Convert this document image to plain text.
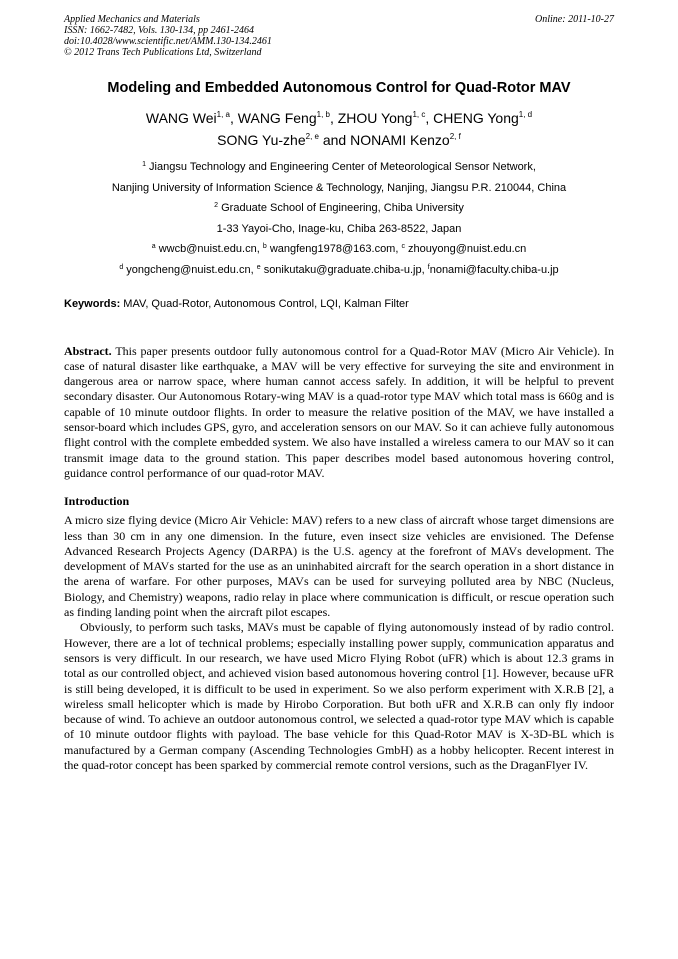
Applied Mechanics and Materials
ISSN: 1662-7482, Vols. 130-134, pp 2461-2464
doi:10.4028/www.scientific.net/AMM.130-134.2461
© 2012 Trans Tech Publications Ltd, Switzerland
Online: 2011-10-27
Modeling and Embedded Autonomous Control for Quad-Rotor MAV
WANG Wei$^{1, a}$, WANG Feng$^{1, b}$, ZHOU Yong$^{1, c}$, CHENG Yong$^{1, d}$
SONG Yu-zhe$^{2, e}$ and NONAMI Kenzo$^{2, f}$
$^1$ Jiangsu Technology and Engineering Center of Meteorological Sensor Network,
Nanjing University of Information Science & Technology, Nanjing, Jiangsu P.R. 210044, China
$^2$ Graduate School of Engineering, Chiba University
1-33 Yayoi-Cho, Inage-ku, Chiba 263-8522, Japan
$^a$ wwcb@nuist.edu.cn, $^b$ wangfeng1978@163.com, $^c$ zhouyong@nuist.edu.cn
$^d$ yongcheng@nuist.edu.cn, $^e$ sonikutaku@graduate.chiba-u.jp, $^f$nonami@faculty.chiba-u.jp
Keywords: MAV, Quad-Rotor, Autonomous Control, LQI, Kalman Filter
Abstract. This paper presents outdoor fully autonomous control for a Quad-Rotor MAV (Micro Air Vehicle). In case of natural disaster like earthquake, a MAV will be very effective for surveying the site and environment in dangerous area or narrow space, where human cannot access safely. In addition, it will be helpful to prevent secondary disaster. Our Autonomous Rotary-wing MAV is a quad-rotor type MAV which total mass is 660g and is capable of 10 minute outdoor flights. In order to measure the relative position of the MAV, we have installed a sensor-board which includes GPS, gyro, and acceleration sensors on our MAV. So it can achieve fully autonomous flight control with the complete embedded system. We also have installed a wireless camera to our MAV so it can transmit image data to the ground station. This paper describes model based autonomous hovering control, guidance control performance of our quad-rotor MAV.
Introduction

A micro size flying device (Micro Air Vehicle: MAV) refers to a new class of aircraft whose target dimensions are less than 30 cm in any one dimension. In the future, even insect size vehicles are envisioned. The Defense Advanced Research Projects Agency (DARPA) is the U.S. agency at the forefront of MAVs development. The development of MAVs started for the use as an uninhabited aircraft for the search operation in a short distance in the arena of warfare. For other purposes, MAVs can be used for surveying polluted area by NBC (Nucleus, Biology, and Chemistry) weapons, radio relay in place where communication is difficult, or rescue operation such as finding landing point when the aircraft pilot escapes.

Obviously, to perform such tasks, MAVs must be capable of flying autonomously instead of by radio control. However, there are a lot of technical problems; especially installing power supply, communication apparatus and sensors is very difficult. In our research, we have used Micro Flying Robot (uFR) which is about 12.3 grams in total as our controlled object, and achieved vision based autonomous hovering control [1]. However, because uFR is still being developed, it is difficult to be used in experiment. So we also perform experiment with X.R.B [2], a wireless small helicopter which is made by Hirobo Corporation. But both uFR and X.R.B can only fly indoor because of wind. To achieve an outdoor autonomous control, we selected a quad-rotor type MAV which is capable of 10 minute outdoor flights with payload. The base vehicle for this Quad-Rotor MAV is X-3D-BL which is manufactured by a German company (Ascending Technologies GmbH) as a hobby helicopter. Recent interest in the quad-rotor concept has been sparked by commercial remote control versions, such as the DraganFlyer IV.
